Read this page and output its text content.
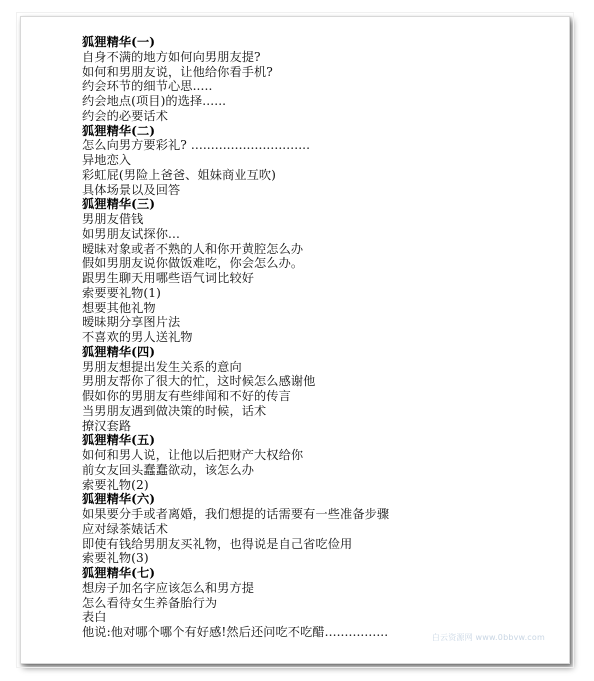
狐狸精华(一)
自身不满的地方如何向男朋友提?
如何和男朋友说，让他给你看手机?
约会环节的细节心思.....
约会地点(项目)的选择......
约会的必要话术
狐狸精华(二)
怎么向男方要彩礼? ..............................
异地恋入
彩虹屁(男险上爸爸、姐妹商业互吹)
具体场景以及回答
狐狸精华(三)
男朋友借钱
如男朋友试探你...
暧昧对象或者不熟的人和你开黄腔怎么办
假如男朋友说你做饭难吃，你会怎么办。
跟男生聊天用哪些语气词比较好
索要要礼物(1)
想要其他礼物
暧昧期分享图片法
不喜欢的男人送礼物
狐狸精华(四)
男朋友想提出发生关系的意向
男朋友帮你了很大的忙，这时候怎么感谢他
假如你的男朋友有些绯闻和不好的传言
当男朋友遇到做决策的时候，话术
撩汉套路
狐狸精华(五)
如何和男人说，让他以后把财产大权给你
前女友回头蠢蠢欲动，该怎么办
索要礼物(2)
狐狸精华(六)
如果要分手或者离婚，我们想提的话需要有一些准备步骤
应对绿茶婊话术
即使有钱给男朋友买礼物，也得说是自己省吃俭用
索要礼物(3)
狐狸精华(七)
想房子加名字应该怎么和男方提
怎么看待女生养备胎行为
表白
他说:他对哪个哪个有好感!然后还问吃不吃醋................	白云资源网 www.0bbvw.com
